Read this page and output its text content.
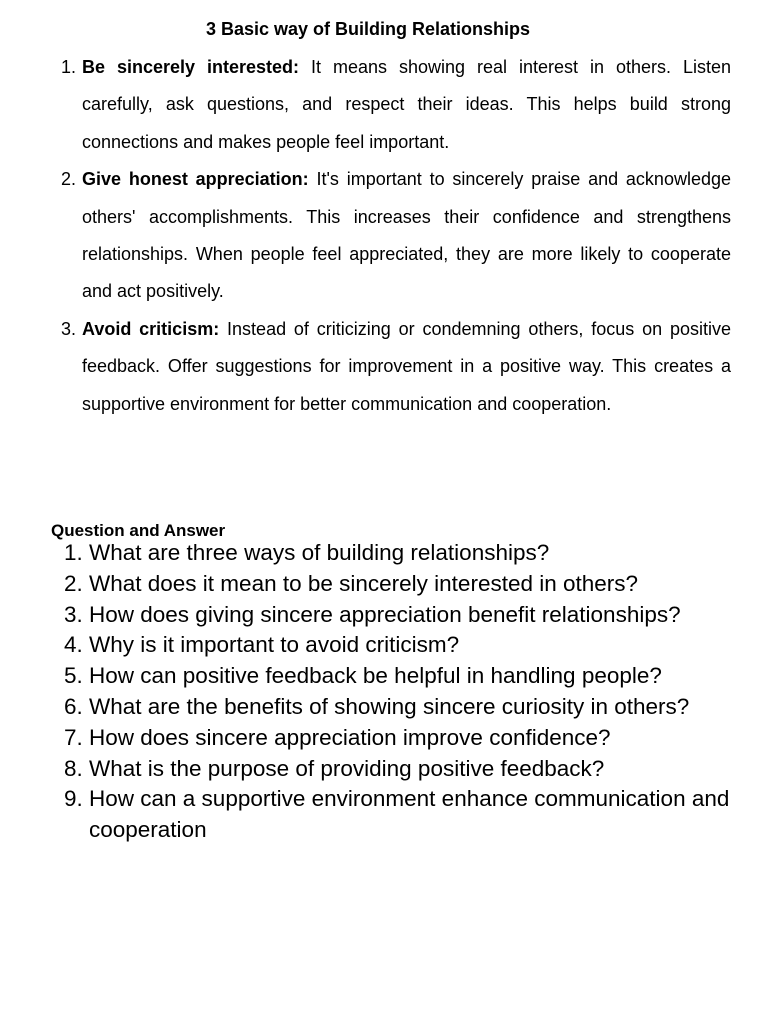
3 Basic way of Building Relationships
1. Be sincerely interested: It means showing real interest in others. Listen carefully, ask questions, and respect their ideas. This helps build strong connections and makes people feel important.
2. Give honest appreciation: It's important to sincerely praise and acknowledge others' accomplishments. This increases their confidence and strengthens relationships. When people feel appreciated, they are more likely to cooperate and act positively.
3. Avoid criticism: Instead of criticizing or condemning others, focus on positive feedback. Offer suggestions for improvement in a positive way. This creates a supportive environment for better communication and cooperation.
Question and Answer
1. What are three ways of building relationships?
2. What does it mean to be sincerely interested in others?
3. How does giving sincere appreciation benefit relationships?
4. Why is it important to avoid criticism?
5. How can positive feedback be helpful in handling people?
6. What are the benefits of showing sincere curiosity in others?
7. How does sincere appreciation improve confidence?
8. What is the purpose of providing positive feedback?
9. How can a supportive environment enhance communication and cooperation
